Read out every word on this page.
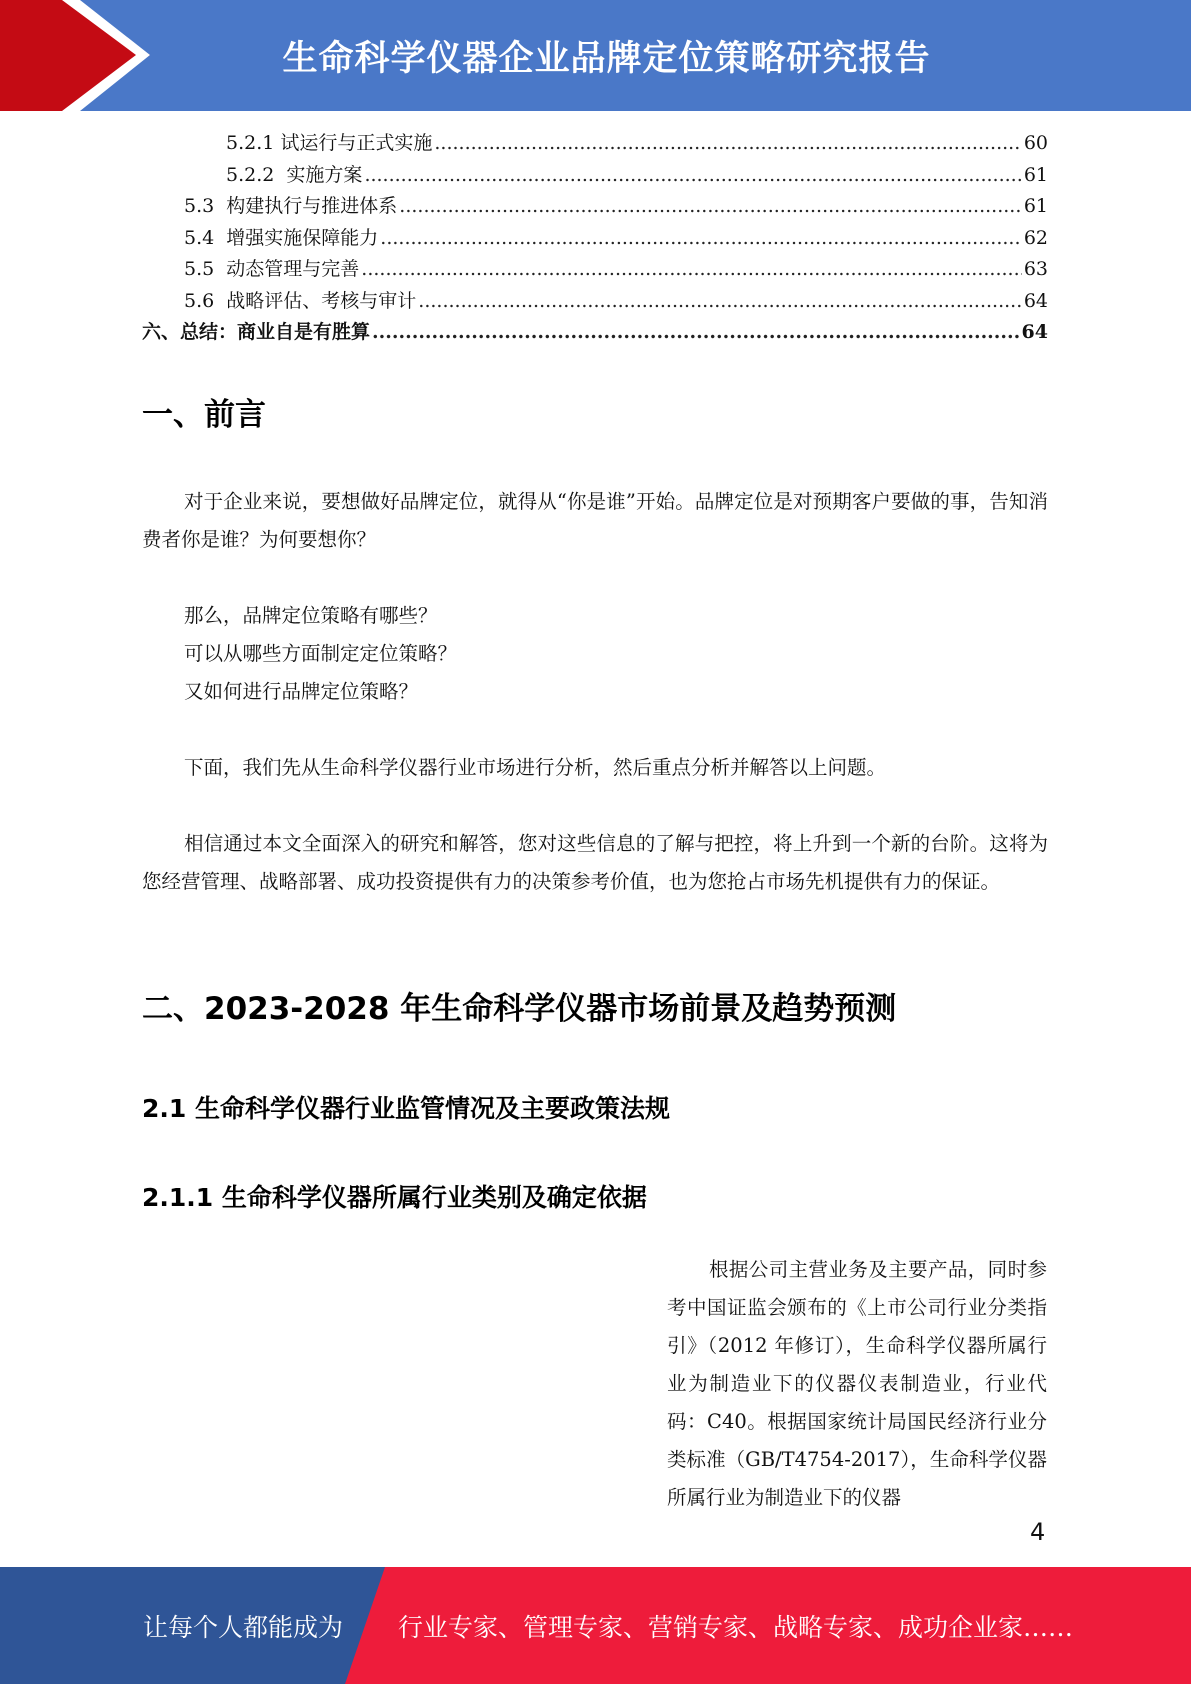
生命科学仪器企业品牌定位策略研究报告
5.2.1 试运行与正式实施 .....	60
5.2.2  实施方案 .....	61
5.3  构建执行与推进体系 .....	61
5.4  增强实施保障能力 .....	62
5.5  动态管理与完善 .....	63
5.6  战略评估、考核与审计 .....	64
六、总结：商业自是有胜算 .....	64
一、前言

对于企业来说，要想做好品牌定位，就得从“你是谁”开始。品牌定位是对预期客户要做的事，告知消费者你是谁？为何要想你？

那么，品牌定位策略有哪些？

可以从哪些方面制定定位策略？

又如何进行品牌定位策略？

下面，我们先从生命科学仪器行业市场进行分析，然后重点分析并解答以上问题。

相信通过本文全面深入的研究和解答，您对这些信息的了解与把控，将上升到一个新的台阶。这将为您经营管理、战略部署、成功投资提供有力的决策参考价值，也为您抢占市场先机提供有力的保证。

二、2023-2028 年生命科学仪器市场前景及趋势预测
2.1 生命科学仪器行业监管情况及主要政策法规
2.1.1 生命科学仪器所属行业类别及确定依据

根据公司主营业务及主要产品，同时参考中国证监会颁布的《上市公司行业分类指引》（2012 年修订），生命科学仪器所属行业为制造业下的仪器仪表制造业，行业代码：C40。根据国家统计局国民经济行业分类标准（GB/T4754-2017），生命科学仪器所属行业为制造业下的仪器

4
让每个人都能成为 行业专家、管理专家、营销专家、战略专家、成功企业家……
